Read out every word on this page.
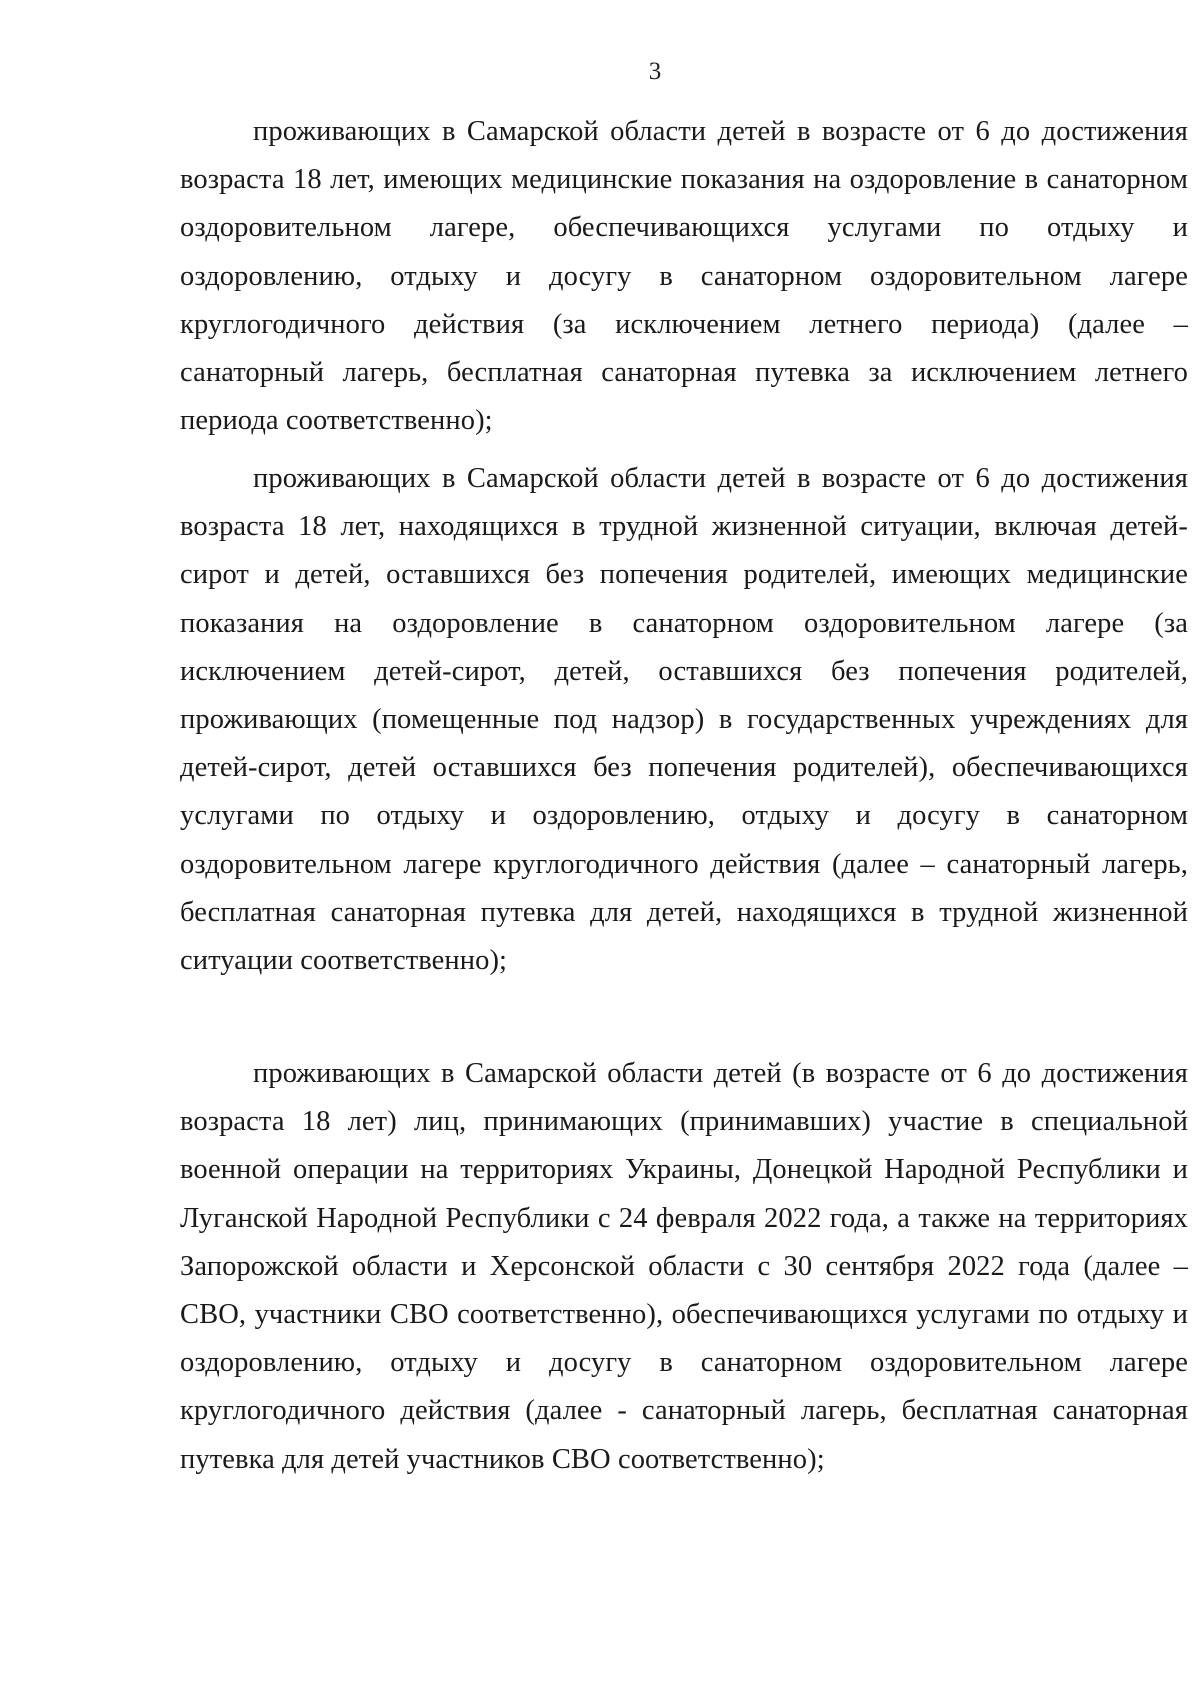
3

проживающих в Самарской области детей в возрасте от 6 до достижения возраста 18 лет, имеющих медицинские показания на оздоровление в санаторном оздоровительном лагере, обеспечивающихся услугами по отдыху и оздоровлению, отдыху и досугу в санаторном оздоровительном лагере круглогодичного действия (за исключением летнего периода) (далее – санаторный лагерь, бесплатная санаторная путевка за исключением летнего периода соответственно);

проживающих в Самарской области детей в возрасте от 6 до достижения возраста 18 лет, находящихся в трудной жизненной ситуации, включая детей-сирот и детей, оставшихся без попечения родителей, имеющих медицинские показания на оздоровление в санаторном оздоровительном лагере (за исключением детей-сирот, детей, оставшихся без попечения родителей, проживающих (помещенные под надзор) в государственных учреждениях для детей-сирот, детей оставшихся без попечения родителей), обеспечивающихся услугами по отдыху и оздоровлению, отдыху и досугу в санаторном оздоровительном лагере круглогодичного действия (далее – санаторный лагерь, бесплатная санаторная путевка для детей, находящихся в трудной жизненной ситуации соответственно);

проживающих в Самарской области детей (в возрасте от 6 до достижения возраста 18 лет) лиц, принимающих (принимавших) участие в специальной военной операции на территориях Украины, Донецкой Народной Республики и Луганской Народной Республики с 24 февраля 2022 года, а также на территориях Запорожской области и Херсонской области с 30 сентября 2022 года (далее – СВО, участники СВО соответственно), обеспечивающихся услугами по отдыху и оздоровлению, отдыху и досугу в санаторном оздоровительном лагере круглогодичного действия (далее - санаторный лагерь, бесплатная санаторная путевка для детей участников СВО соответственно);
